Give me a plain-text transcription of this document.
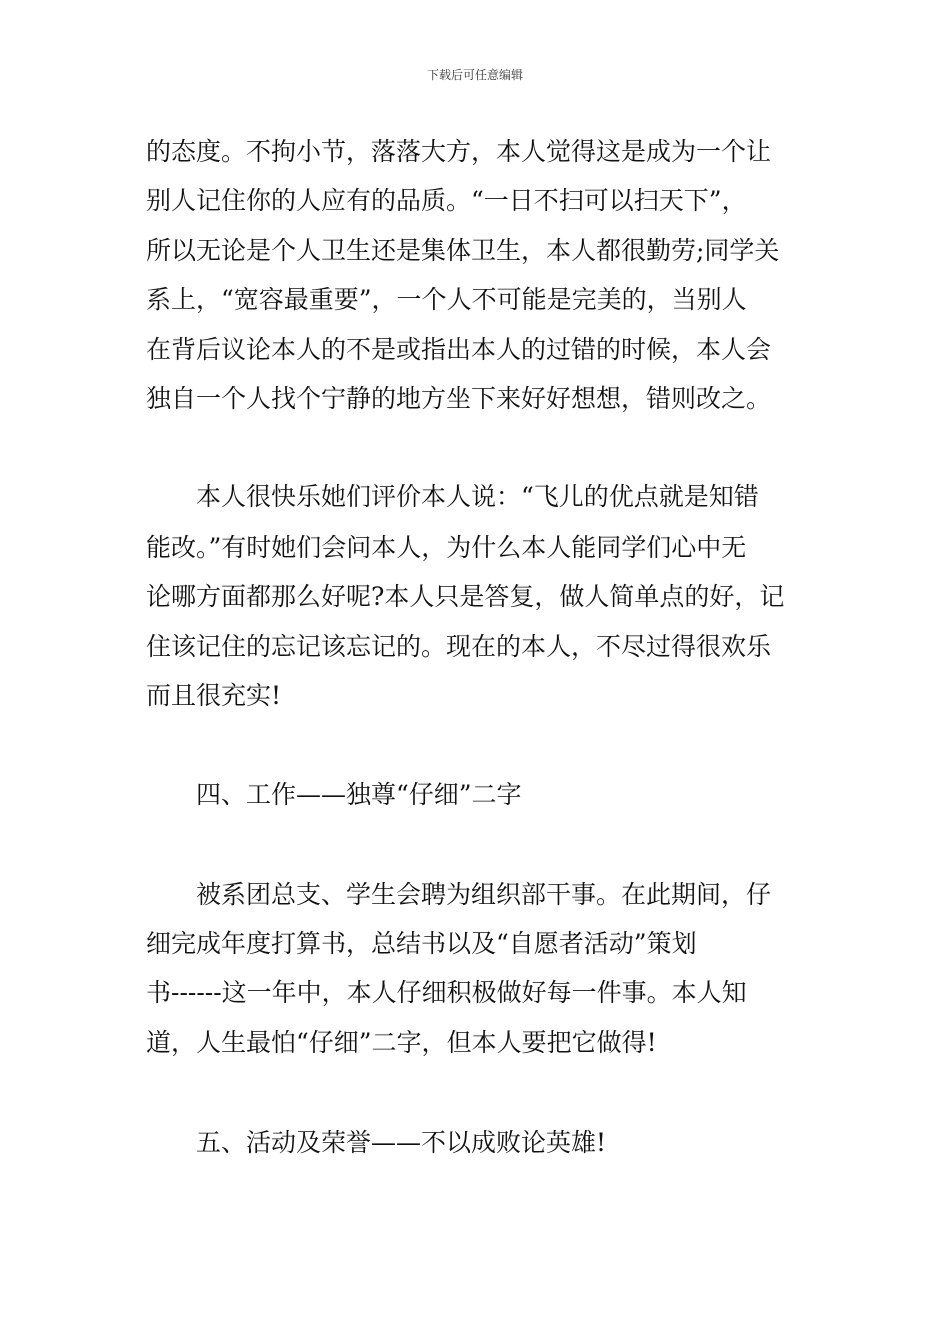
下载后可任意编辑
的态度。不拘小节，落落大方，本人觉得这是成为一个让
别人记住你的人应有的品质。“一日不扫可以扫天下”，
所以无论是个人卫生还是集体卫生，本人都很勤劳;同学关
系上，“宽容最重要”，一个人不可能是完美的，当别人
在背后议论本人的不是或指出本人的过错的时候，本人会
独自一个人找个宁静的地方坐下来好好想想，错则改之。
本人很快乐她们评价本人说：“飞儿的优点就是知错
能改。”有时她们会问本人，为什么本人能同学们心中无
论哪方面都那么好呢?本人只是答复，做人简单点的好，记
住该记住的忘记该忘记的。现在的本人，不尽过得很欢乐
而且很充实!
四、工作——独尊“仔细”二字
被系团总支、学生会聘为组织部干事。在此期间，仔
细完成年度打算书，总结书以及“自愿者活动”策划
书------这一年中，本人仔细积极做好每一件事。本人知
道，人生最怕“仔细”二字，但本人要把它做得!
五、活动及荣誉——不以成败论英雄!
